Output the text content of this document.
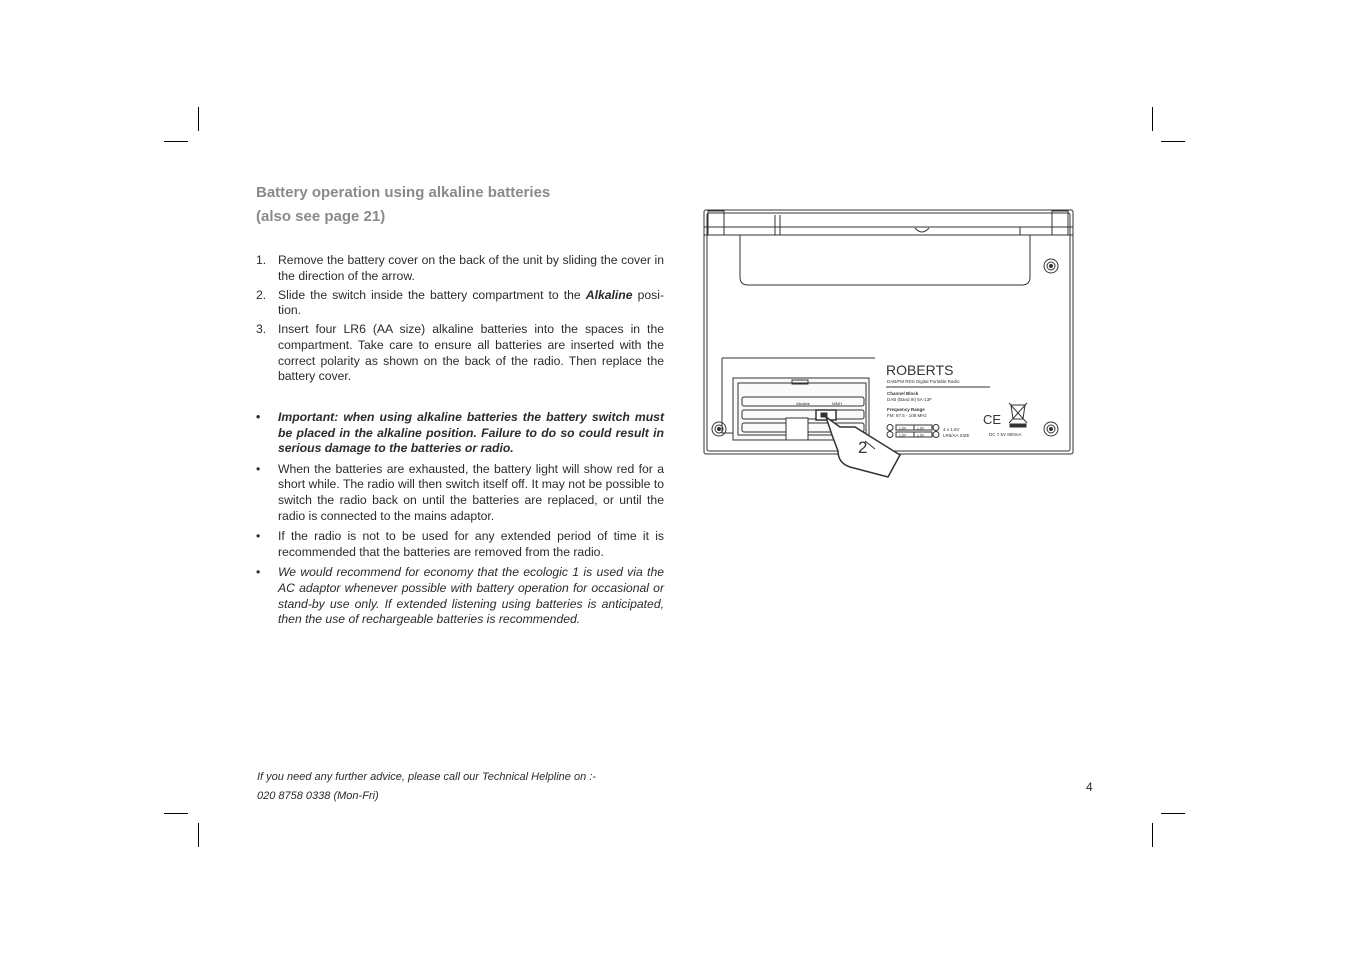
Battery operation using alkaline batteries
(also see page 21)
1. Remove the battery cover on the back of the unit by sliding the cover in the direction of the arrow.
2. Slide the switch inside the battery compartment to the Alkaline posi-tion.
3. Insert four LR6 (AA size) alkaline batteries into the spaces in the compartment. Take care to ensure all batteries are inserted with the correct polarity as shown on the back of the radio. Then replace the battery cover.
• Important: when using alkaline batteries the battery switch must be placed in the alkaline position. Failure to do so could result in serious damage to the batteries or radio.
• When the batteries are exhausted, the battery light will show red for a short while. The radio will then switch itself off. It may not be possible to switch the radio back on until the batteries are replaced, or until the radio is connected to the mains adaptor.
• If the radio is not to be used for any extended period of time it is recommended that the batteries are removed from the radio.
• We would recommend for economy that the ecologic 1 is used via the AC adaptor whenever possible with battery operation for occasional or stand-by use only. If extended listening using batteries is anticipated, then the use of rechargeable batteries is recommended.
ROBERTS
DAB/FM RDS Digital Portable Radio
Channel Block
DAB (Band III) 5A-13F
Frequency Range
FM: 87.5 - 108 MHz
1.5V	1.5V
1.5V	1.5V
4 x 1.5V
LR6/AA SIZE
CE
DC 7.5V 800mA
Alkaline	NiMH
2
If you need any further advice, please call our Technical Helpline on :-
020 8758 0338 (Mon-Fri)
4
